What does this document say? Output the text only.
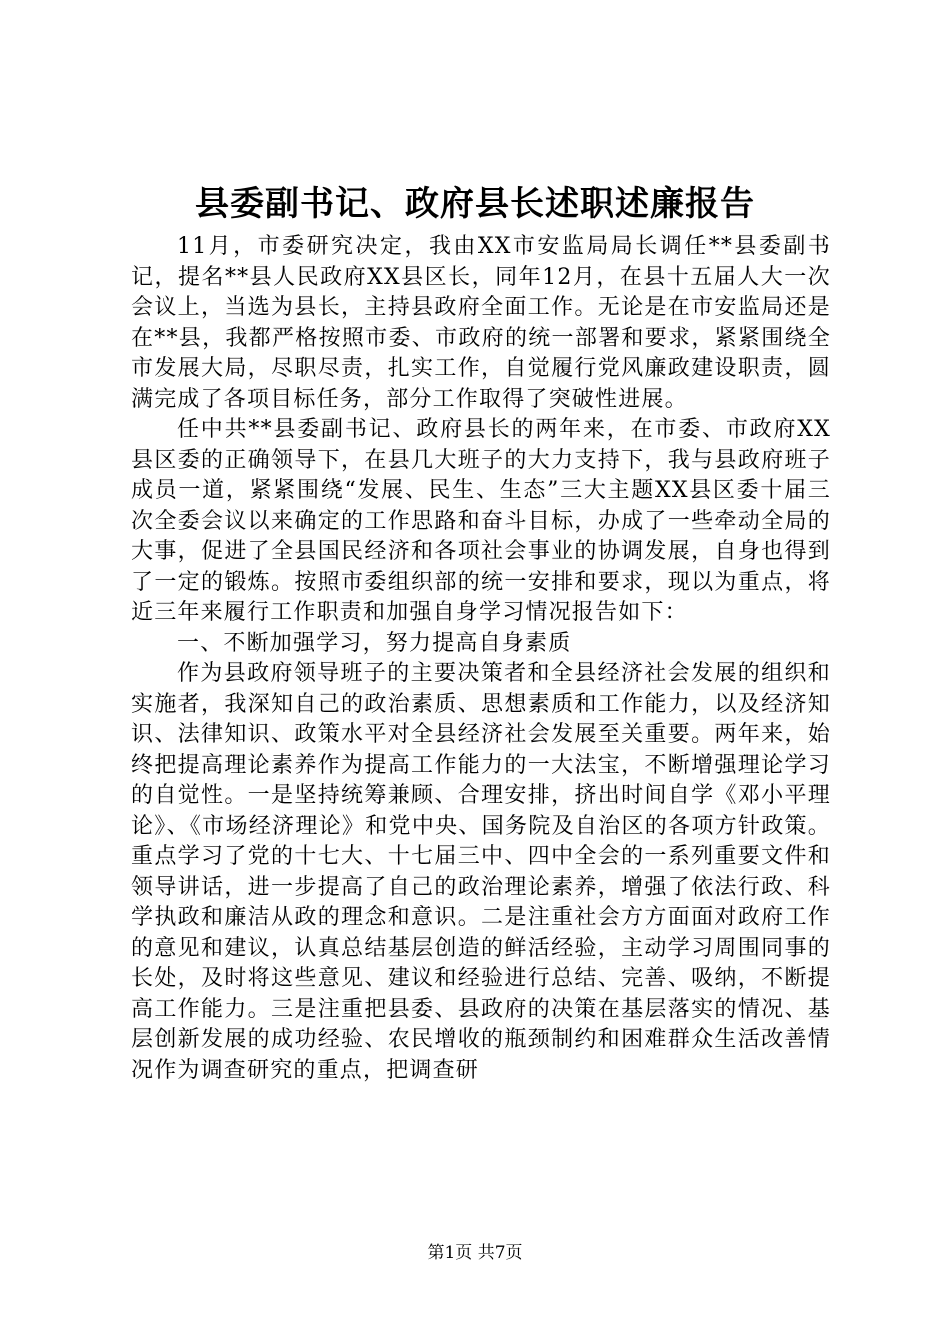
县委副书记、政府县长述职述廉报告

11月，市委研究决定，我由XX市安监局局长调任**县委副书记，提名**县人民政府XX县区长，同年12月，在县十五届人大一次会议上，当选为县长，主持县政府全面工作。无论是在市安监局还是在**县，我都严格按照市委、市政府的统一部署和要求，紧紧围绕全市发展大局，尽职尽责，扎实工作，自觉履行党风廉政建设职责，圆满完成了各项目标任务，部分工作取得了突破性进展。

任中共**县委副书记、政府县长的两年来，在市委、市政府XX县区委的正确领导下，在县几大班子的大力支持下，我与县政府班子成员一道，紧紧围绕“发展、民生、生态”三大主题XX县区委十届三次全委会议以来确定的工作思路和奋斗目标，办成了一些牵动全局的大事，促进了全县国民经济和各项社会事业的协调发展，自身也得到了一定的锻炼。按照市委组织部的统一安排和要求，现以为重点，将近三年来履行工作职责和加强自身学习情况报告如下：

一、不断加强学习，努力提高自身素质

作为县政府领导班子的主要决策者和全县经济社会发展的组织和实施者，我深知自己的政治素质、思想素质和工作能力，以及经济知识、法律知识、政策水平对全县经济社会发展至关重要。两年来，始终把提高理论素养作为提高工作能力的一大法宝，不断增强理论学习的自觉性。一是坚持统筹兼顾、合理安排，挤出时间自学《邓小平理论》、《市场经济理论》和党中央、国务院及自治区的各项方针政策。重点学习了党的十七大、十七届三中、四中全会的一系列重要文件和领导讲话，进一步提高了自己的政治理论素养，增强了依法行政、科学执政和廉洁从政的理念和意识。二是注重社会方方面面对政府工作的意见和建议，认真总结基层创造的鲜活经验，主动学习周围同事的长处，及时将这些意见、建议和经验进行总结、完善、吸纳，不断提高工作能力。三是注重把县委、县政府的决策在基层落实的情况、基层创新发展的成功经验、农民增收的瓶颈制约和困难群众生活改善情况作为调查研究的重点，把调查研

第1页 共7页
